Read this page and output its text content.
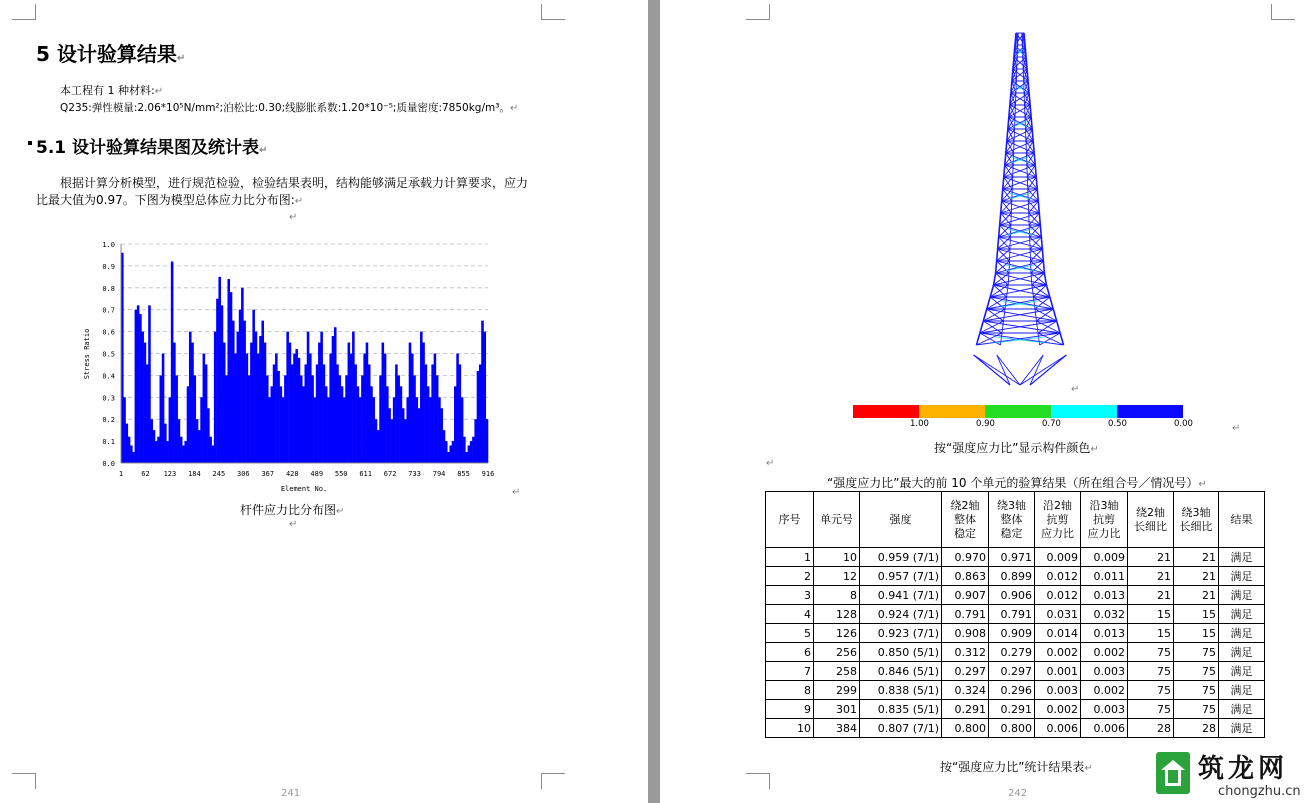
5 设计验算结果↵
本工程有 1 种材料:↵
Q235:弹性模量:2.06*10⁵N/mm²;泊松比:0.30;线膨胀系数:1.20*10⁻⁵;质量密度:7850kg/m³。↵
5.1 设计验算结果图及统计表↵
根据计算分析模型，进行规范检验，检验结果表明，结构能够满足承载力计算要求，应力
比最大值为0.97。下图为模型总体应力比分布图:↵
↵
0.0
0.1
0.2
0.3
0.4
0.5
0.6
0.7
0.8
0.9
1.0
1	62 123 184 245 306 367 428 489 550 611 672 733 794 855 916
Stress Ratio
Element No.
杆件应力比分布图↵
↵
↵
241
↵
1.00	0.90	0.70	0.50	0.00	↵
按“强度应力比”显示构件颜色↵
↵
“强度应力比”最大的前 10 个单元的验算结果（所在组合号／情况号）↵
序号	单元号	强度	绕2轴
整体
稳定	绕3轴
整体
稳定	沿2轴
抗剪
应力比	沿3轴
抗剪
应力比	绕2轴
长细比	绕3轴
长细比	结果
1	10	0.959 (7/1)	0.970	0.971	0.009	0.009	21	21	满足
2	12	0.957 (7/1)	0.863	0.899	0.012	0.011	21	21	满足
3	8	0.941 (7/1)	0.907	0.906	0.012	0.013	21	21	满足
4	128	0.924 (7/1)	0.791	0.791	0.031	0.032	15	15	满足
5	126	0.923 (7/1)	0.908	0.909	0.014	0.013	15	15	满足
6	256	0.850 (5/1)	0.312	0.279	0.002	0.002	75	75	满足
7	258	0.846 (5/1)	0.297	0.297	0.001	0.003	75	75	满足
8	299	0.838 (5/1)	0.324	0.296	0.003	0.002	75	75	满足
9	301	0.835 (5/1)	0.291	0.291	0.002	0.003	75	75	满足
10	384	0.807 (7/1)	0.800	0.800	0.006	0.006	28	28	满足
按“强度应力比”统计结果表↵
242
筑龙网
chongzhu.cn
